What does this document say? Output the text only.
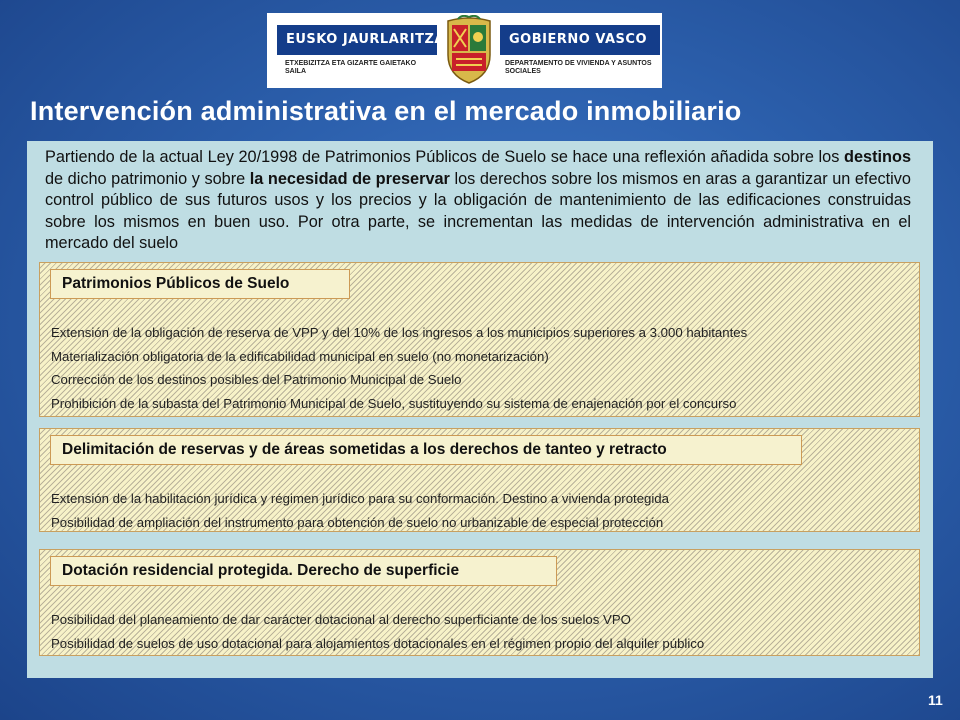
EUSKO JAURLARITZA	GOBIERNO VASCO
ETXEBIZITZA ETA GIZARTE GAIETAKO SAILA
DEPARTAMENTO DE VIVIENDA Y ASUNTOS SOCIALES
Intervención administrativa en el mercado inmobiliario

Partiendo de la actual Ley 20/1998 de Patrimonios Públicos de Suelo se hace una reflexión añadida sobre los destinos de dicho patrimonio y sobre la necesidad de preservar los derechos sobre los mismos en aras a garantizar un efectivo control público de sus futuros usos y los precios y la obligación de mantenimiento de las edificaciones construidas sobre los mismos en buen uso. Por otra parte, se incrementan las medidas de intervención administrativa en el mercado del suelo

Patrimonios Públicos de Suelo
Extensión de la obligación de reserva de VPP y del 10% de los ingresos a los municipios superiores a 3.000 habitantes
Materialización obligatoria de la edificabilidad municipal en suelo (no monetarización)
Corrección de los destinos posibles del Patrimonio Municipal de Suelo
Prohibición de la subasta del Patrimonio Municipal de Suelo, sustituyendo su sistema de enajenación por el concurso
Delimitación de reservas y de áreas sometidas a los derechos de tanteo y retracto
Extensión de la habilitación jurídica y régimen jurídico para su conformación. Destino a vivienda protegida
Posibilidad de ampliación del instrumento para obtención de suelo no urbanizable de especial protección
Dotación residencial protegida. Derecho de superficie
Posibilidad del planeamiento de dar carácter dotacional al derecho superficiante de los suelos VPO
Posibilidad de suelos de uso dotacional para alojamientos dotacionales en el régimen propio del alquiler público
11
